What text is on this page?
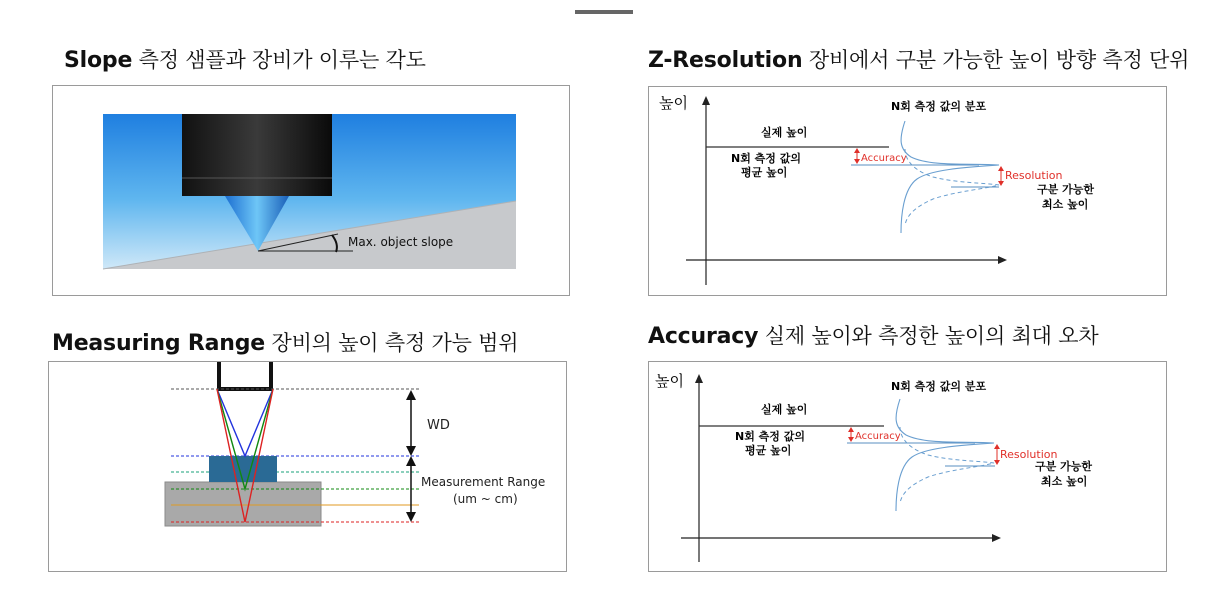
Slope 측정 샘플과 장비가 이루는 각도
Max. object slope
Z-Resolution 장비에서 구분 가능한 높이 방향 측정 단위
높이
Accuracy
Resolution
N회 측정 값의 분포
실제 높이
N회 측정 값의
평균 높이
구분 가능한
최소 높이
Measuring Range 장비의 높이 측정 가능 범위
WD
Measurement Range
(um ~ cm)
Accuracy 실제 높이와 측정한 높이의 최대 오차
높이
Accuracy
Resolution
N회 측정 값의 분포
실제 높이
N회 측정 값의
평균 높이
구분 가능한
최소 높이
